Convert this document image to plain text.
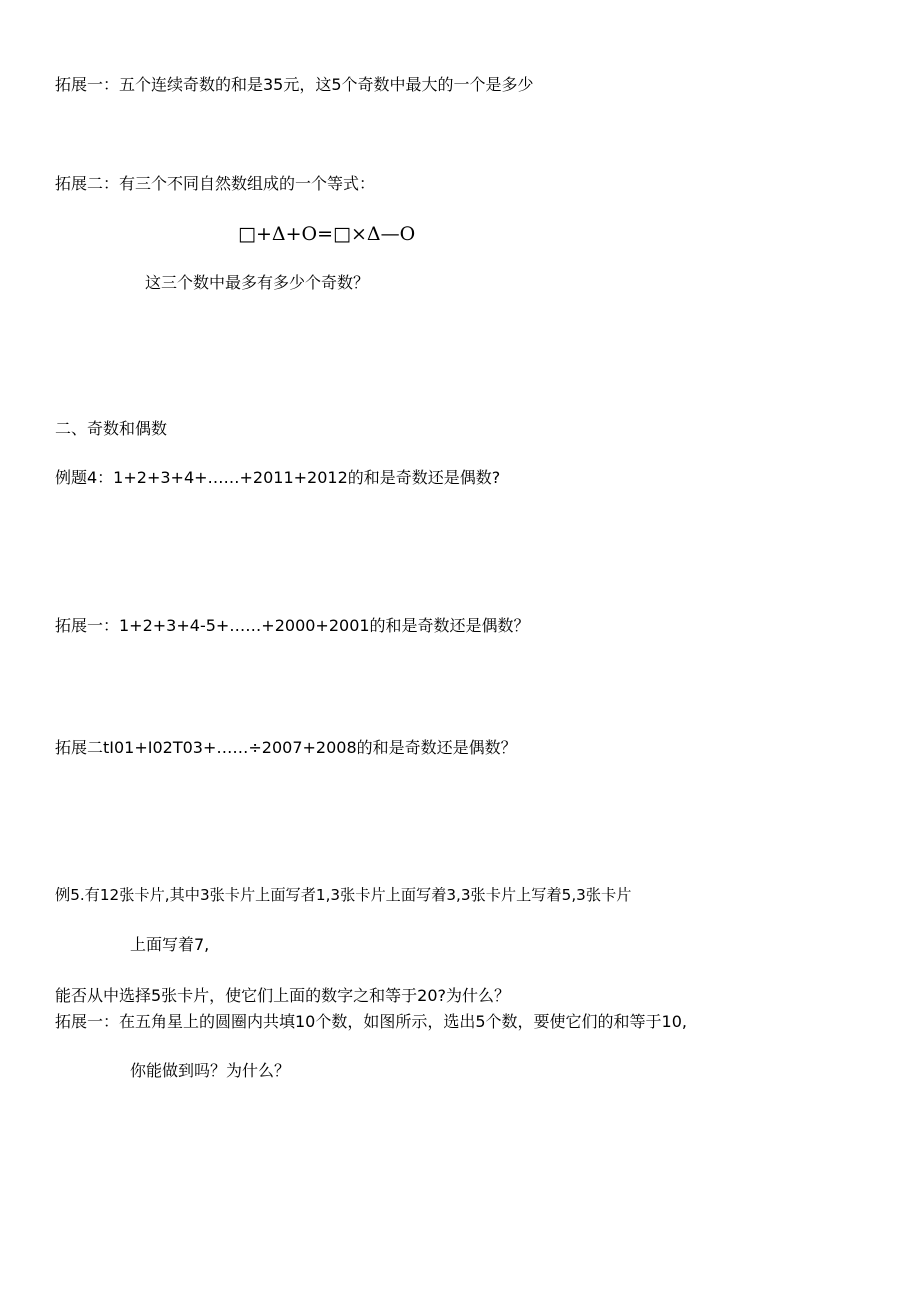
拓展一：五个连续奇数的和是35元，这5个奇数中最大的一个是多少
拓展二：有三个不同自然数组成的一个等式：
□+Δ+O=□×Δ—O
这三个数中最多有多少个奇数？
二、奇数和偶数
例题4：1+2+3+4+……+2011+2012的和是奇数还是偶数?
拓展一：1+2+3+4-5+……+2000+2001的和是奇数还是偶数？
拓展二tI01+I02T03+……÷2007+2008的和是奇数还是偶数？
例5.有12张卡片,其中3张卡片上面写者1,3张卡片上面写着3,3张卡片上写着5,3张卡片
上面写着7,
能否从中选择5张卡片，使它们上面的数字之和等于20?为什么？
拓展一：在五角星上的圆圈内共填10个数，如图所示，选出5个数，要使它们的和等于10,
你能做到吗？为什么？
